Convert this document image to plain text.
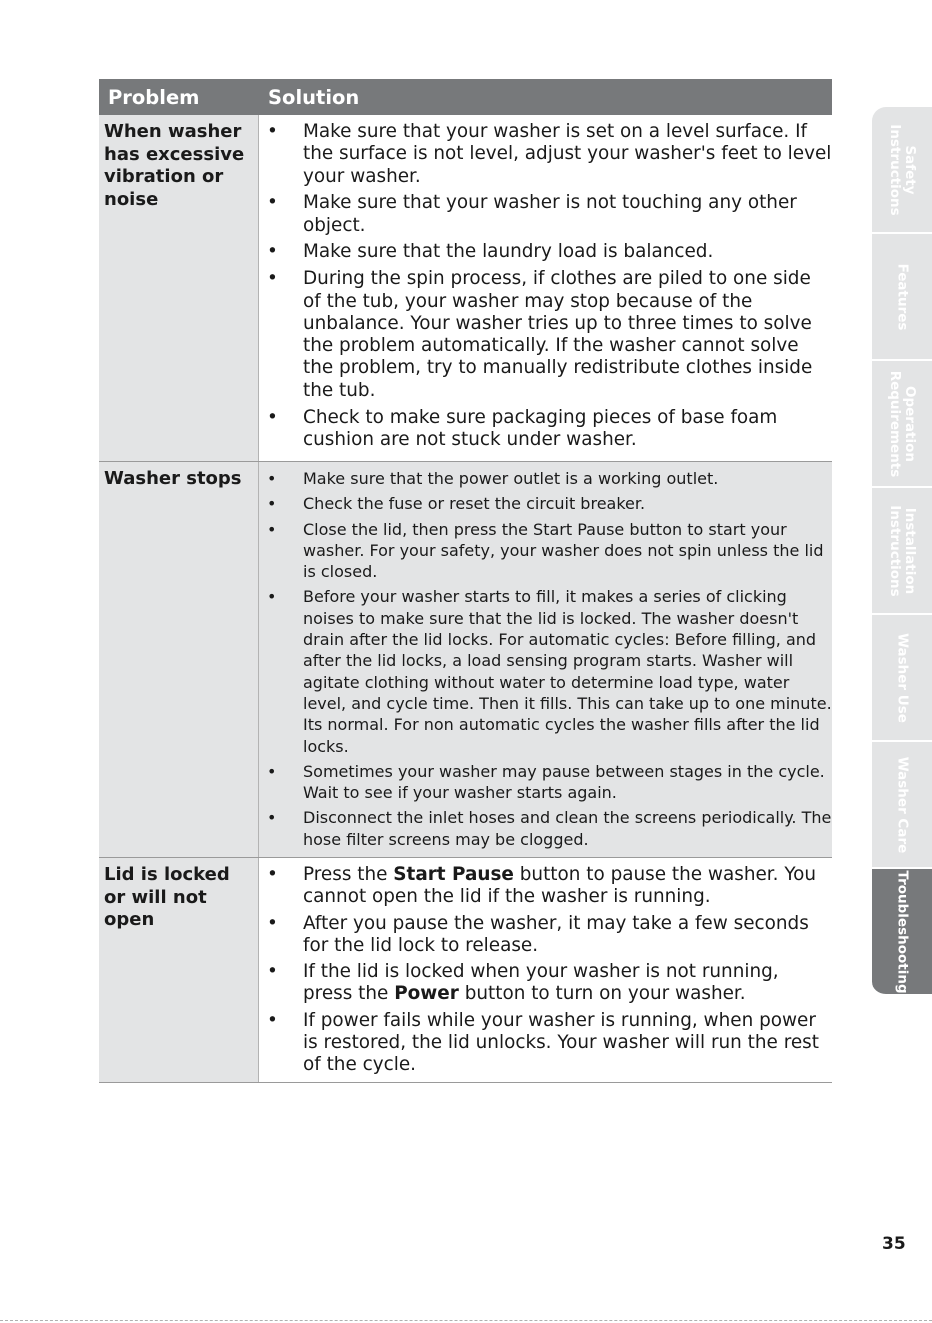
Problem	Solution
When washer has excessive vibration or noise
• Make sure that your washer is set on a level surface. If the surface is not level, adjust your washer's feet to level your washer.
• Make sure that your washer is not touching any other object.
• Make sure that the laundry load is balanced.
• During the spin process, if clothes are piled to one side of the tub, your washer may stop because of the unbalance. Your washer tries up to three times to solve the problem automatically. If the washer cannot solve the problem, try to manually redistribute clothes inside the tub.
• Check to make sure packaging pieces of base foam cushion are not stuck under washer.
Washer stops	• Make sure that the power outlet is a working outlet.
• Check the fuse or reset the circuit breaker.
• Close the lid, then press the Start Pause button to start your washer. For your safety, your washer does not spin unless the lid is closed.
• Before your washer starts to fill, it makes a series of clicking noises to make sure that the lid is locked. The washer doesn't drain after the lid locks. For automatic cycles: Before filling, and after the lid locks, a load sensing program starts. Washer will agitate clothing without water to determine load type, water level, and cycle time. Then it fills. This can take up to one minute. Its normal. For non automatic cycles the washer fills after the lid locks.
• Sometimes your washer may pause between stages in the cycle. Wait to see if your washer starts again.
• Disconnect the inlet hoses and clean the screens periodically. The hose filter screens may be clogged.
Lid is locked or will not open
• Press the Start Pause button to pause the washer. You cannot open the lid if the washer is running.
• After you pause the washer, it may take a few seconds for the lid lock to release.
• If the lid is locked when your washer is not running, press the Power button to turn on your washer.
• If power fails while your washer is running, when power is restored, the lid unlocks. Your washer will run the rest of the cycle.
Safety
Instructions
Features
Operation
Requirements
Installation
Instructions
Washer Use
Washer Care
Troubleshooting
35
